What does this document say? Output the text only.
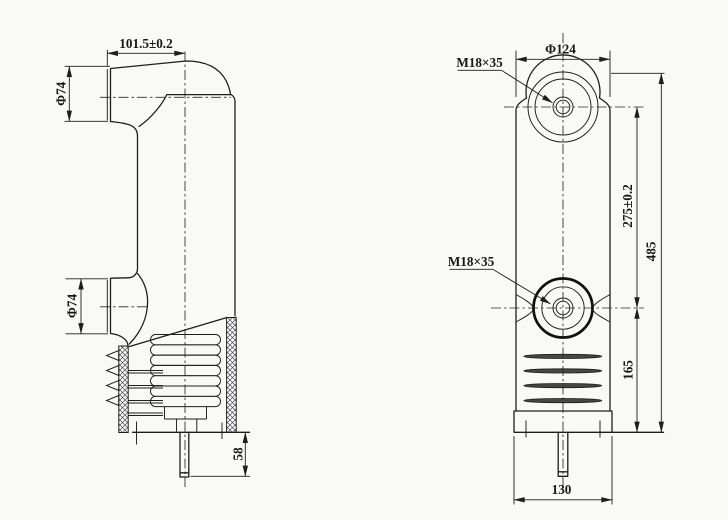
101.5±0.2
Φ74
Φ74
58
Φ124
M18×35
M18×35
275±0.2
165
485
130
